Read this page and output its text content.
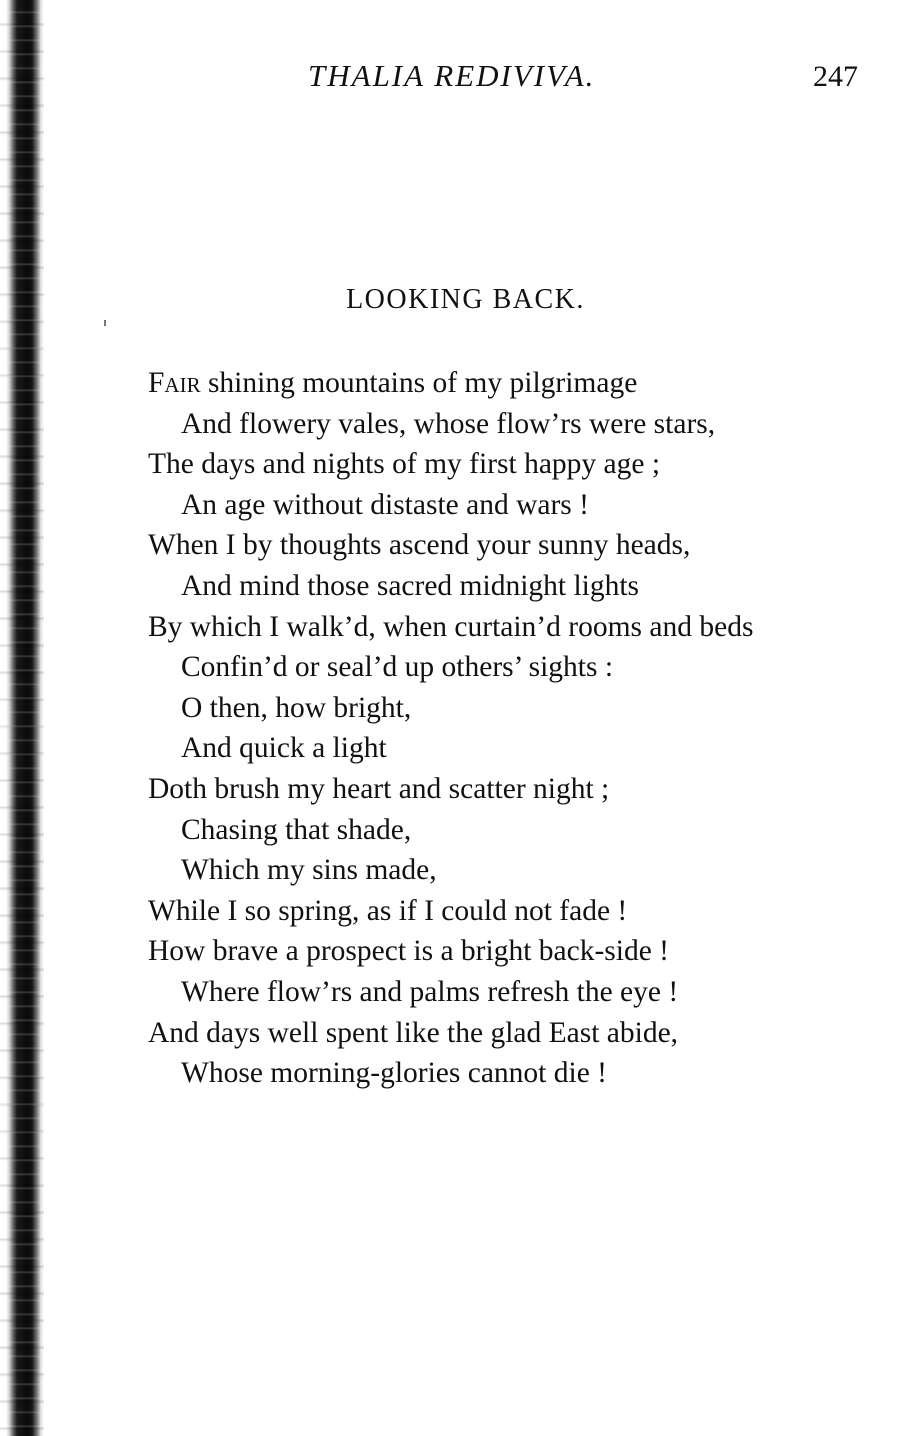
THALIA REDIVIVA.	247
LOOKING BACK.
Fair shining mountains of my pilgrimage
And flowery vales, whose flow’rs were stars,
The days and nights of my first happy age ;
An age without distaste and wars !
When I by thoughts ascend your sunny heads,
And mind those sacred midnight lights
By which I walk’d, when curtain’d rooms and beds
Confin’d or seal’d up others’ sights :
O then, how bright,
And quick a light
Doth brush my heart and scatter night ;
Chasing that shade,
Which my sins made,
While I so spring, as if I could not fade !
How brave a prospect is a bright back-side !
Where flow’rs and palms refresh the eye !
And days well spent like the glad East abide,
Whose morning-glories cannot die !
